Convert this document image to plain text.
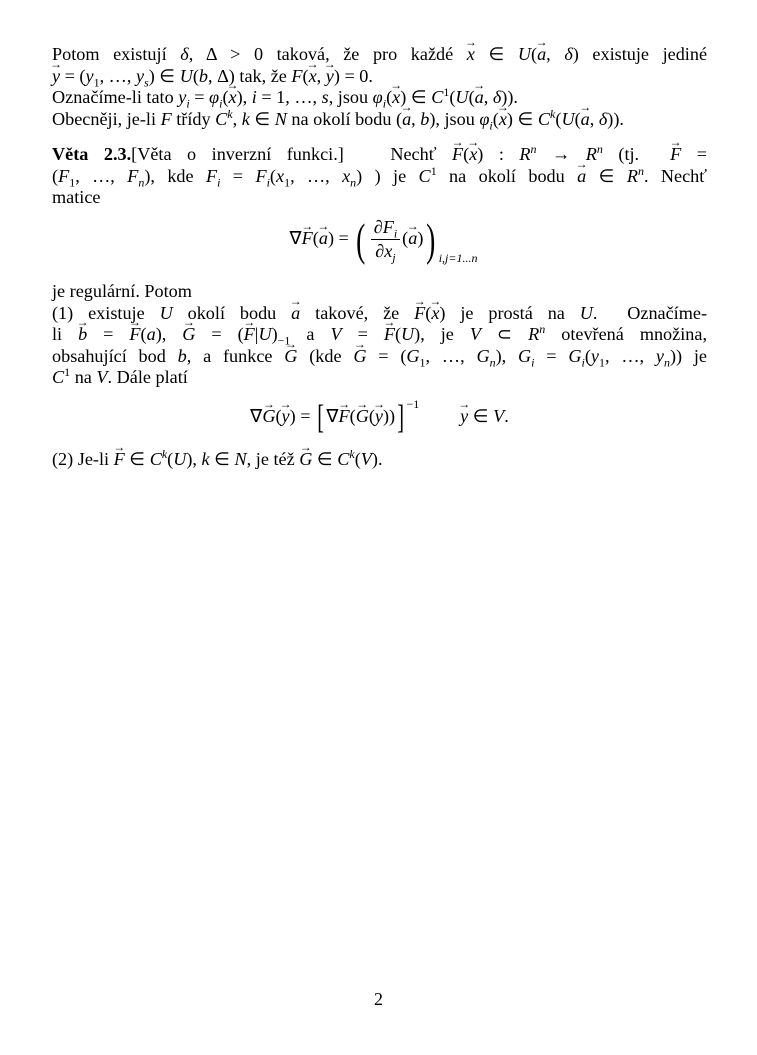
Potom existují δ, Δ > 0 taková, že pro každé → x ∈ U(→ a, δ) existuje jediné
→ $y = (y_1$, …, $y_s$) ∈ U(b, Δ) tak, že F(→ x, → y) = 0.
Označíme-li tato $y_i = \varphi_i(\to x)$, i = 1, …, s, jsou $\varphi_i(\to x)$ ∈ $C^1(U(\to a$, δ)).
Obecněji, je-li F třídy $C^k$, k ∈ N na okolí bodu (→ a, b), jsou $\varphi_i(\to x)$ ∈ $C^k(U(\to a$, δ)).
Věta 2.3.[Věta o inverzní funkci.]   Nechť → F(→ x) : $R^n \to R^n$ (tj.  → F =
($F_1$, …, $F_n$), kde $F_i = F_i(x_1$, …, $x_n$) ) je $C^1$ na okolí bodu → a ∈ $R^n$. Nechť
matice
∇→ F(→ a) = ( $\frac{\partial F_i}{\partial x_j}$ (→ a)) $_{i,j=1...n}$
je regulární. Potom
(1) existuje U okolí bodu → a takové, že → F(→ x) je prostá na U.  Označíme-
li → b = → F(a), → G = (→ $F|U)_{-1}$ a V = → F(U), je V ⊂ $R^n$ otevřená množina,
obsahující bod b, a funkce → G ($kde \to G = (G_1$, …, $G_n$), $G_i = G_i(y_1$, …, $y_n$)) je
$C^1$ na V. Dále platí
∇→ G(→ y) = [ ∇→ F(→ G(→ y))] $^{-1}$         → y ∈ V.
(2) Je-li → F ∈ $C^k(U)$, k ∈ N, je též → G ∈ $C^k(V)$.
2
